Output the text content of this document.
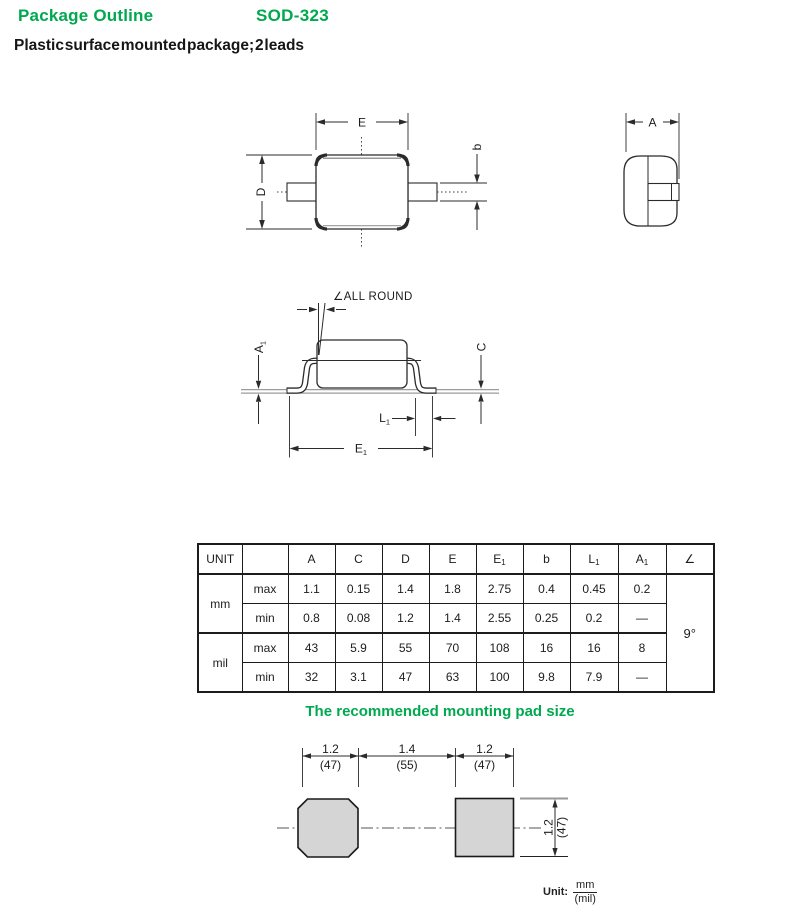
Package Outline	SOD-323
Plastic surface mounted package; 2 leads
E
D
b
A
∠ALL ROUND
$A_1$	C
$L_1$
$E_1$
UNIT		A	C	D	E	$E_1$	b	$L_1$	$A_1$	∠
mm	max	1.1	0.15	1.4	1.8	2.75	0.4	0.45	0.2	9°
	min	0.8	0.08	1.2	1.4	2.55	0.25	0.2	—	
mil	max	43	5.9	55	70	108	16	16	8	
	min	32	3.1	47	63	100	9.8	7.9	—	
The recommended mounting pad size
1.2
(47)
1.4
(55)
1.2
(47)
1.2 (47)
Unit: $\frac{mm}{\text{(mil)}}$
